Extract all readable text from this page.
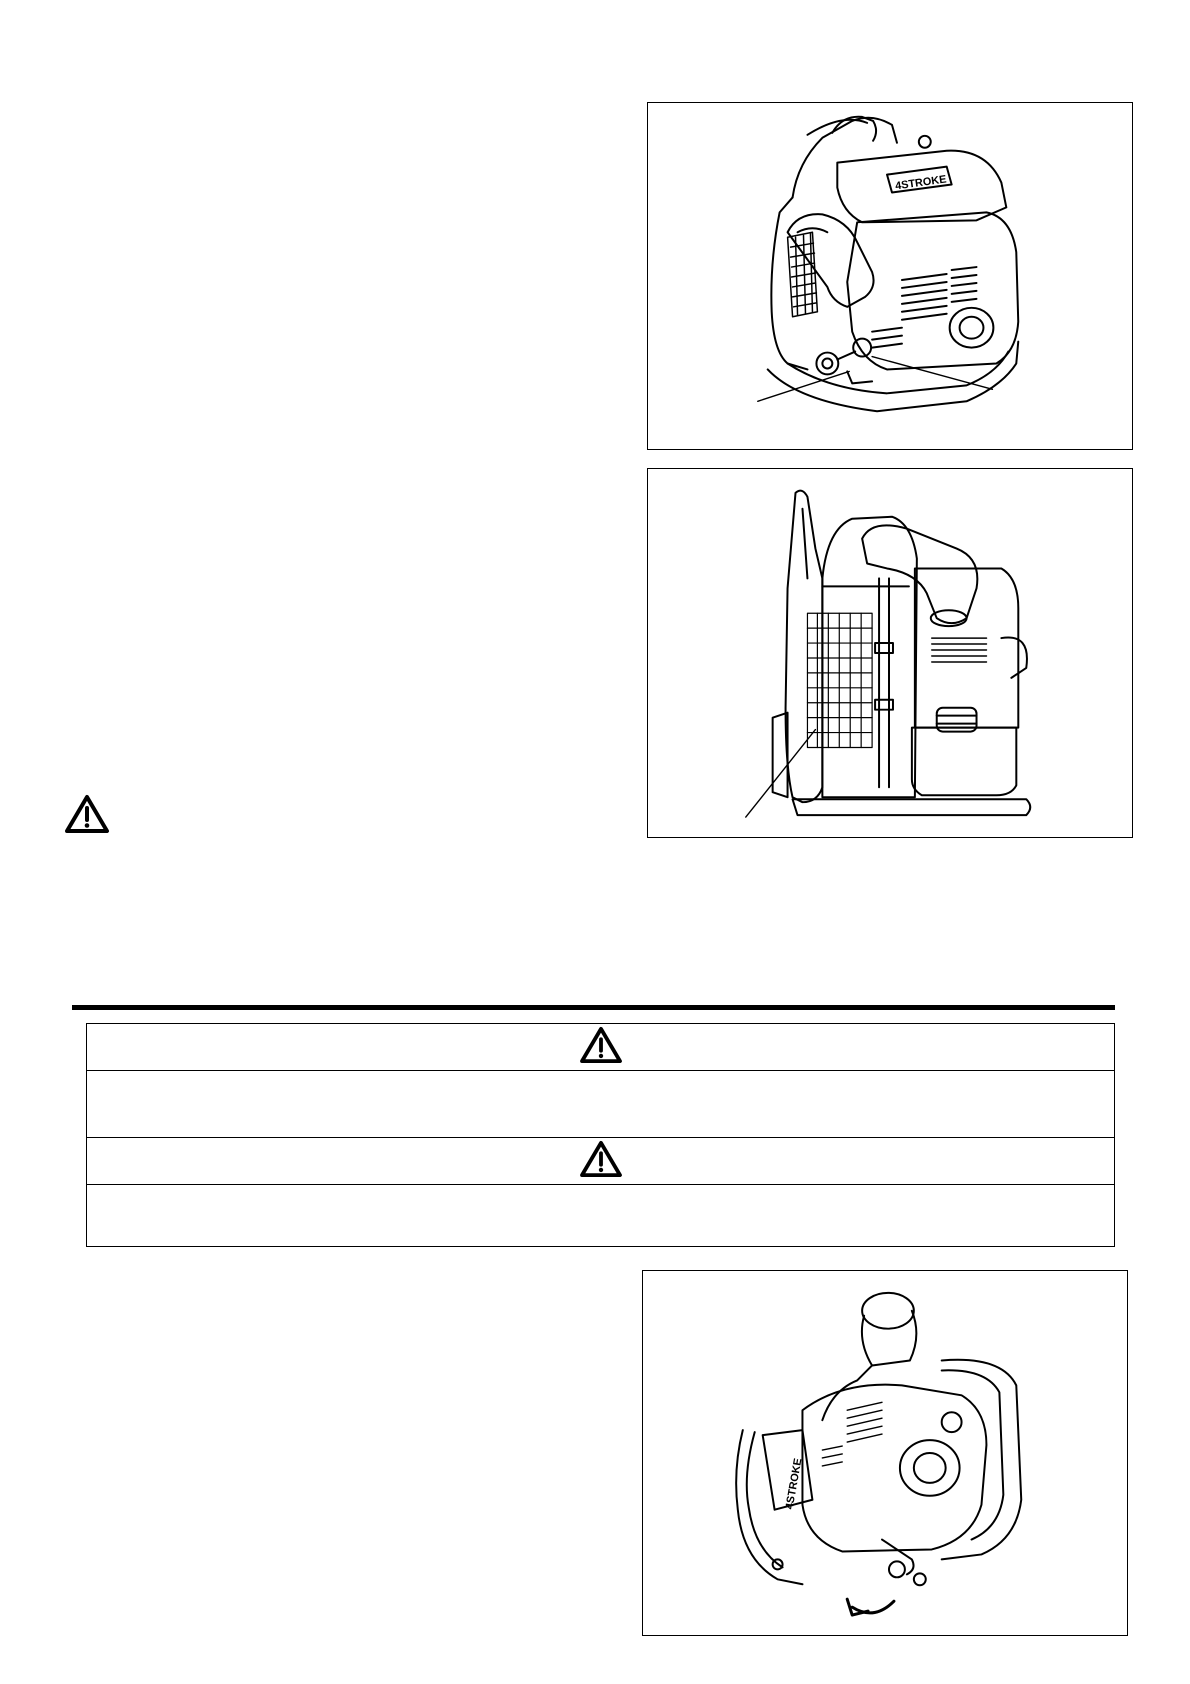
4STROKE
4STROKE
